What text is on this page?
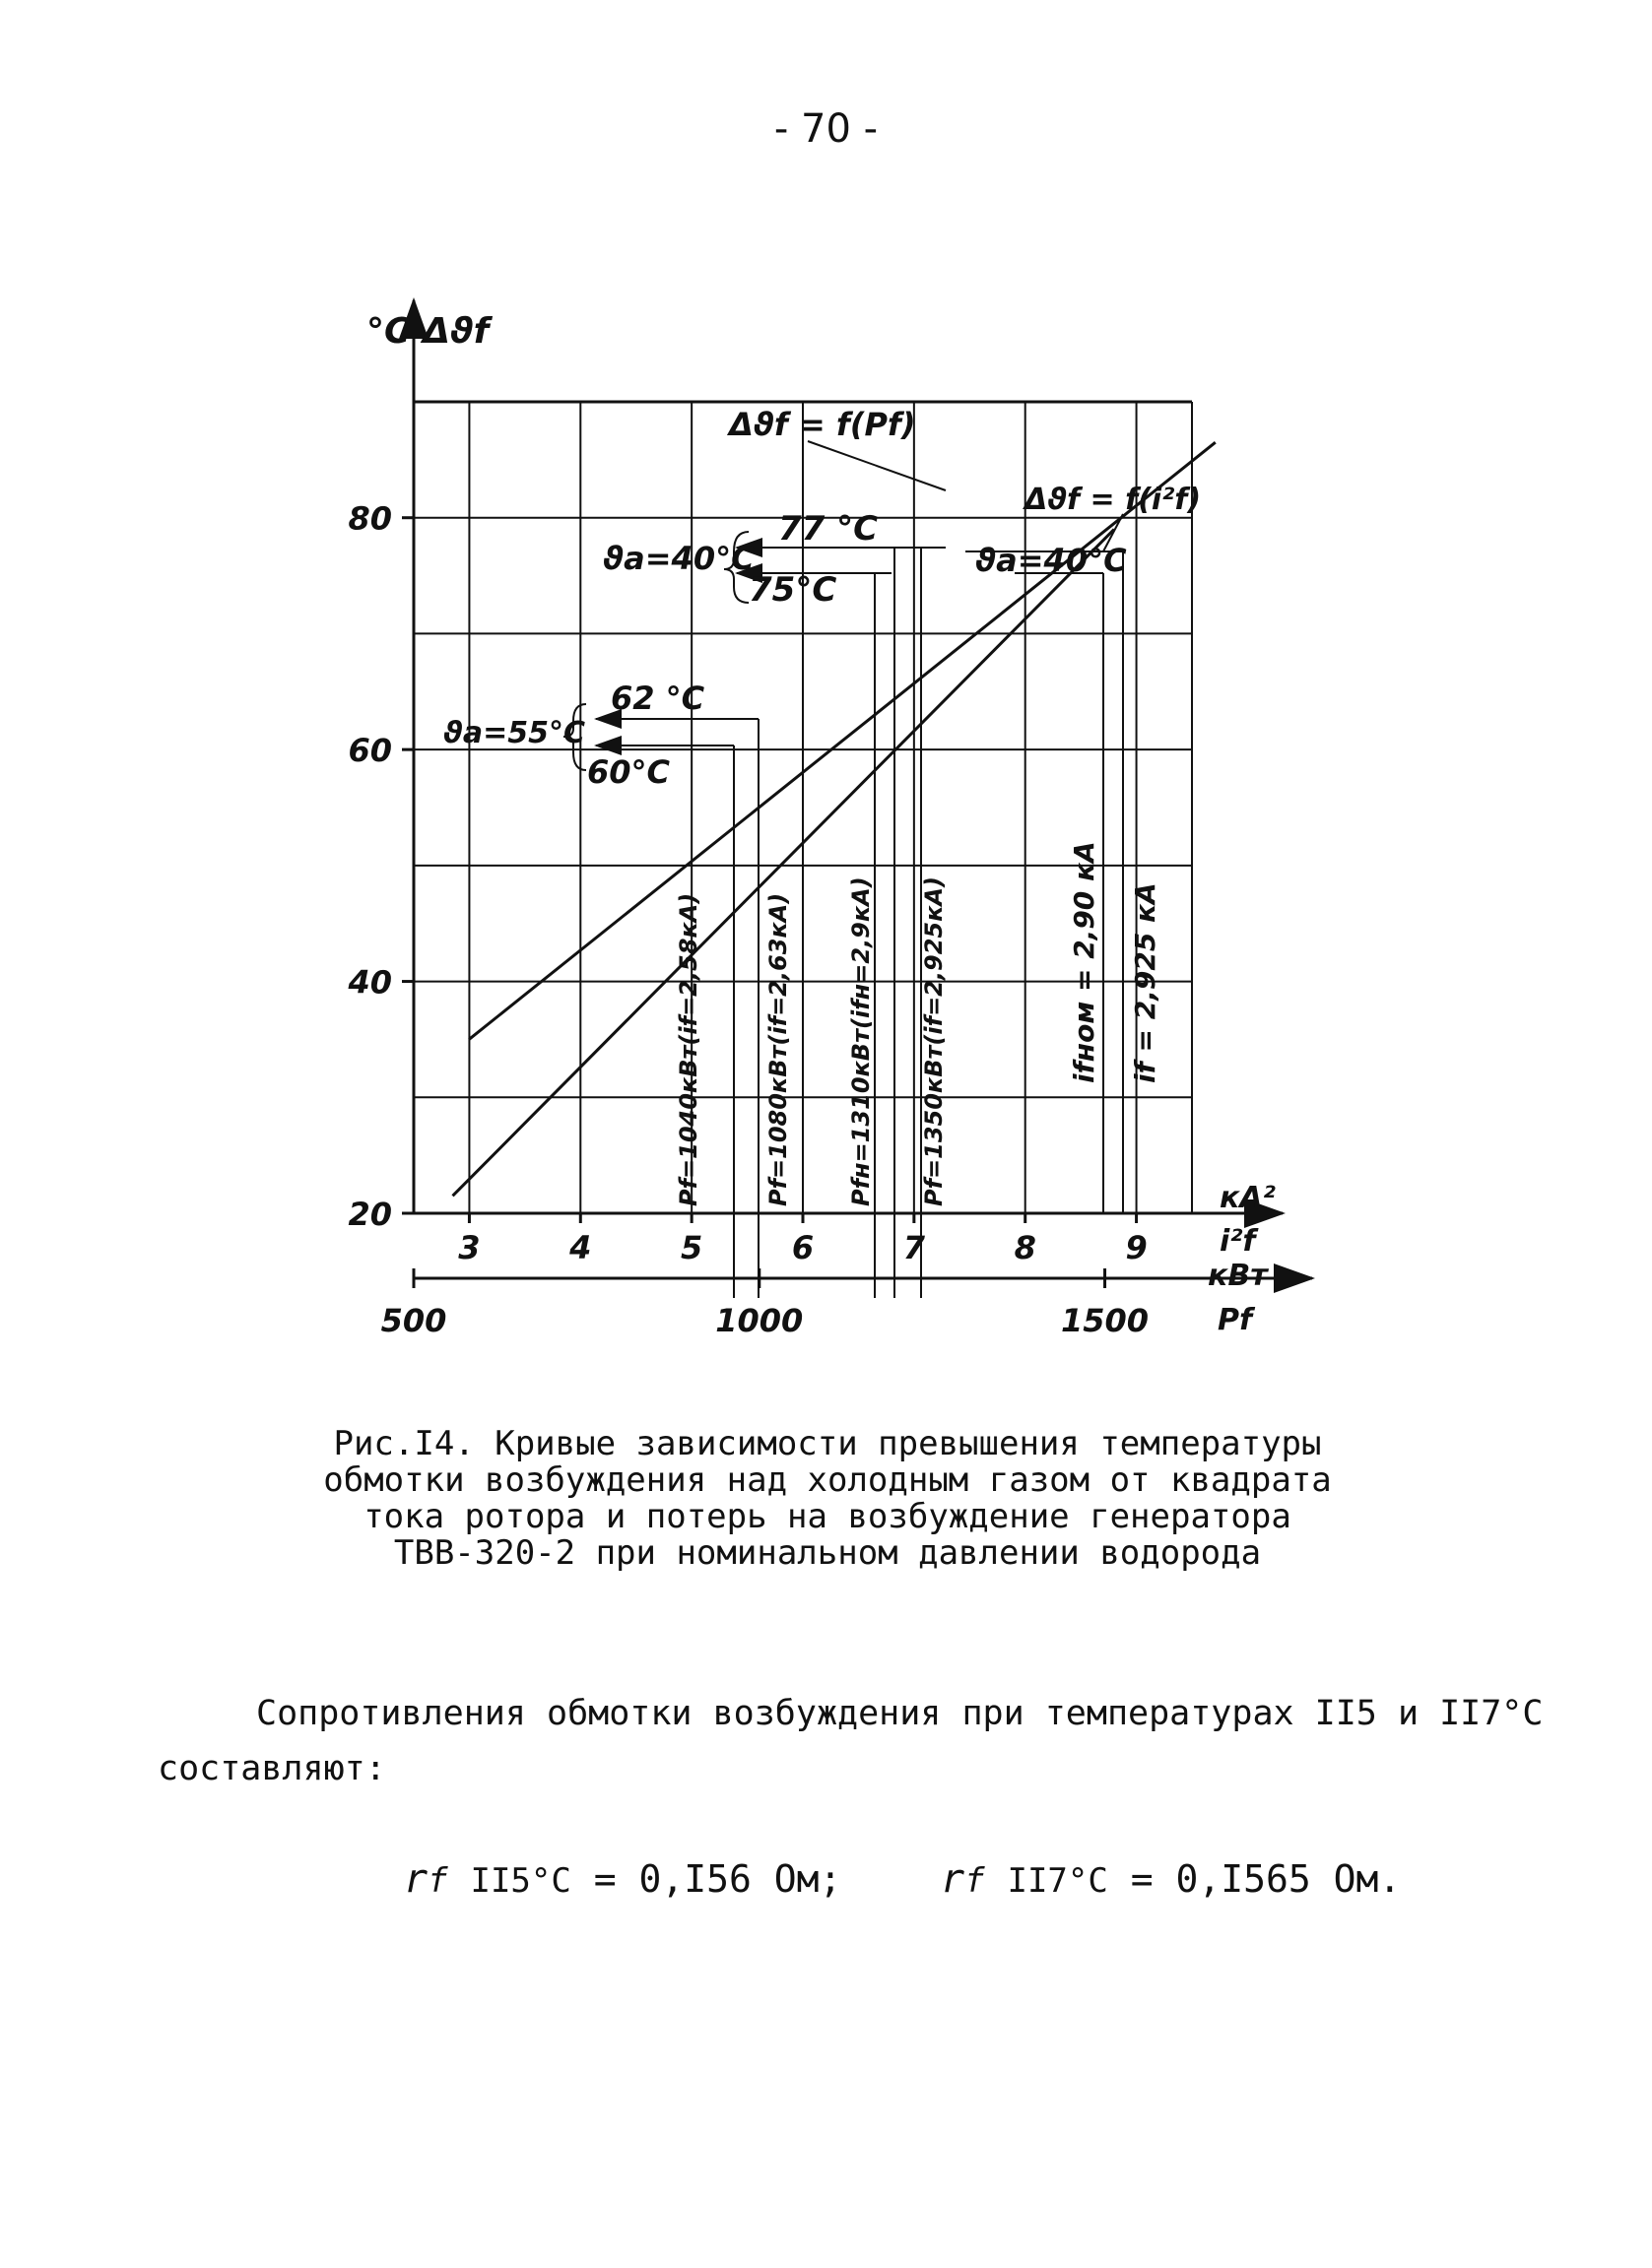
- 70 -
20
40
60
80
3	4	5	6	7	8	9
500	1000	1500
°C Δϑf
кА²
i²f
кВт
Pf
Δϑf = f(Pf)
Δϑf = f(i²f)
77 °C
75°C
ϑa=40°C	ϑa=40°C
62 °C
60°C
ϑa=55°C
Pf=1040кВт(if=2,58кА)	Pf=1080кВт(if=2,63кА) Pfн=1310кВт(ifн=2,9кА) Pf=1350кВт(if=2,925кА)	ifном = 2,90 кА if = 2,925 кА
Рис.I4. Кривые зависимости превышения температуры
обмотки возбуждения над холодным газом от квадрата
тока ротора и потерь на возбуждение генератора
ТВВ-320-2 при номинальном давлении водорода
Сопротивления обмотки возбуждения при температурах II5 и II7°C
составляют:
rf II5°C = 0,I56 Ом;	rf II7°C = 0,I565 Ом.
